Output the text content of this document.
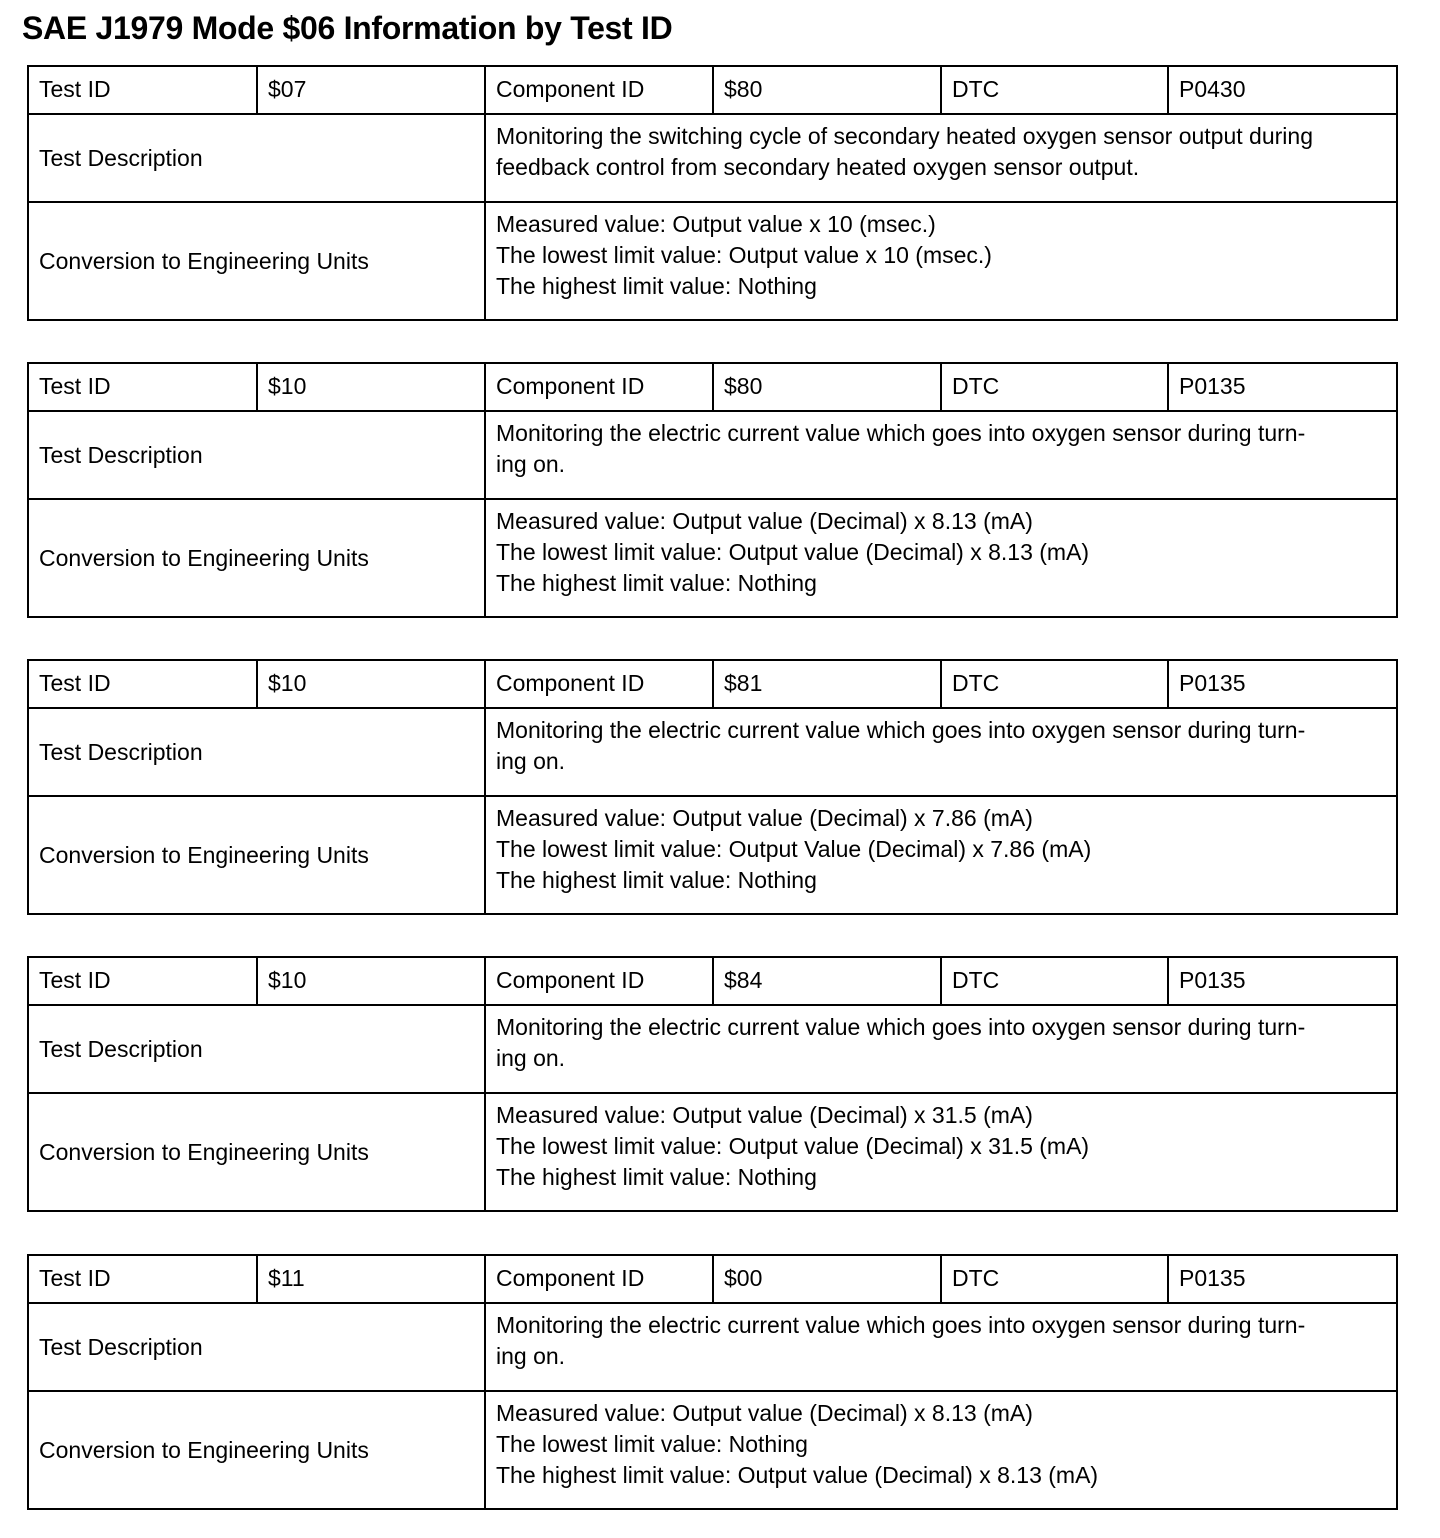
SAE J1979 Mode $06 Information by Test ID
Test ID	$07	Component ID	$80	DTC	P0430
Test Description		Monitoring the switching cycle of secondary heated oxygen sensor output during
feedback control from secondary heated oxygen sensor output.			

Conversion to Engineering Units		Measured value: Output value x 10 (msec.)
The lowest limit value: Output value x 10 (msec.)
The highest limit value: Nothing			
Test ID	$10	Component ID	$80	DTC	P0135
Test Description		Monitoring the electric current value which goes into oxygen sensor during turn-
ing on.			

Conversion to Engineering Units		Measured value: Output value (Decimal) x 8.13 (mA)
The lowest limit value: Output value (Decimal) x 8.13 (mA)
The highest limit value: Nothing			
Test ID	$10	Component ID	$81	DTC	P0135
Test Description		Monitoring the electric current value which goes into oxygen sensor during turn-
ing on.			

Conversion to Engineering Units		Measured value: Output value (Decimal) x 7.86 (mA)
The lowest limit value: Output Value (Decimal) x 7.86 (mA)
The highest limit value: Nothing			
Test ID	$10	Component ID	$84	DTC	P0135
Test Description		Monitoring the electric current value which goes into oxygen sensor during turn-
ing on.			

Conversion to Engineering Units		Measured value: Output value (Decimal) x 31.5 (mA)
The lowest limit value: Output value (Decimal) x 31.5 (mA)
The highest limit value: Nothing			
Test ID	$11	Component ID	$00	DTC	P0135
Test Description		Monitoring the electric current value which goes into oxygen sensor during turn-
ing on.			

Conversion to Engineering Units		Measured value: Output value (Decimal) x 8.13 (mA)
The lowest limit value: Nothing
The highest limit value: Output value (Decimal) x 8.13 (mA)			
